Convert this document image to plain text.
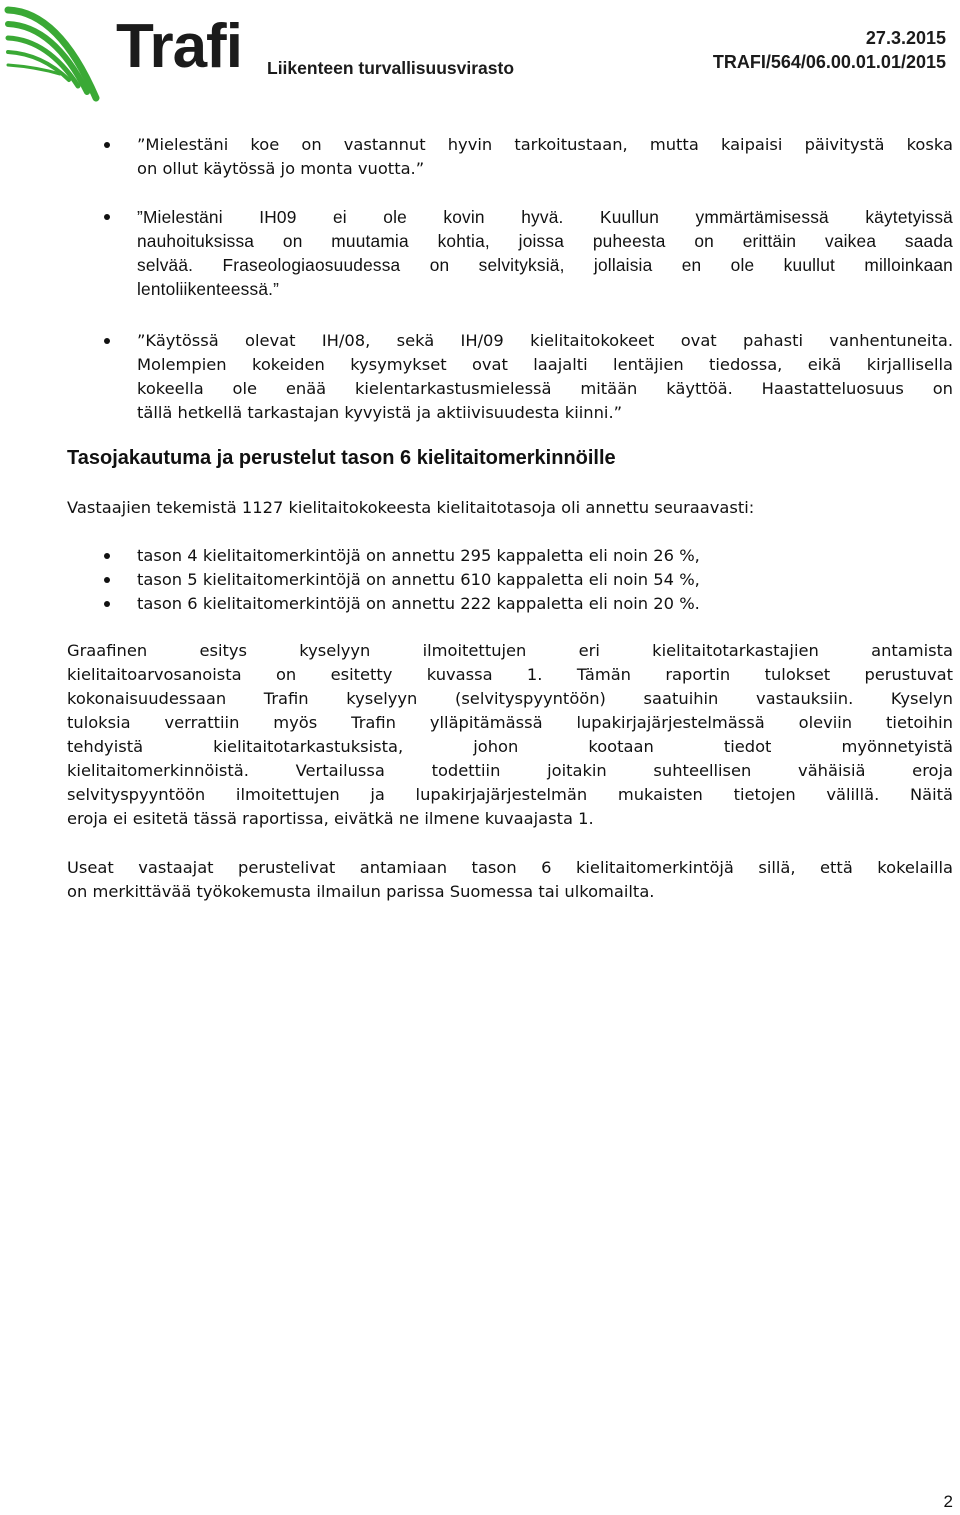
Trafi Liikenteen turvallisuusvirasto
27.3.2015
TRAFI/564/06.00.01.01/2015
”Mielestäni koe on vastannut hyvin tarkoitustaan, mutta kaipaisi päivitystä koska
on ollut käytössä jo monta vuotta.”
”Mielestäni IH09 ei ole kovin hyvä. Kuullun ymmärtämisessä käytetyissä
nauhoituksissa on muutamia kohtia, joissa puheesta on erittäin vaikea saada
selvää. Fraseologiaosuudessa on selvityksiä, jollaisia en ole kuullut milloinkaan
lentoliikenteessä.”
”Käytössä olevat IH/08, sekä IH/09 kielitaitokokeet ovat pahasti vanhentuneita.
Molempien kokeiden kysymykset ovat laajalti lentäjien tiedossa, eikä kirjallisella
kokeella ole enää kielentarkastusmielessä mitään käyttöä. Haastatteluosuus on
tällä hetkellä tarkastajan kyvyistä ja aktiivisuudesta kiinni.”
Tasojakautuma ja perustelut tason 6 kielitaitomerkinnöille

Vastaajien tekemistä 1127 kielitaitokokeesta kielitaitotasoja oli annettu seuraavasti:

tason 4 kielitaitomerkintöjä on annettu 295 kappaletta eli noin 26 %,
tason 5 kielitaitomerkintöjä on annettu 610 kappaletta eli noin 54 %,
tason 6 kielitaitomerkintöjä on annettu 222 kappaletta eli noin 20 %.
Graafinen esitys kyselyyn ilmoitettujen eri kielitaitotarkastajien antamista
kielitaitoarvosanoista on esitetty kuvassa 1. Tämän raportin tulokset perustuvat
kokonaisuudessaan Trafin kyselyyn (selvityspyyntöön) saatuihin vastauksiin. Kyselyn
tuloksia verrattiin myös Trafin ylläpitämässä lupakirjajärjestelmässä oleviin tietoihin
tehdyistä kielitaitotarkastuksista, johon kootaan tiedot myönnetyistä
kielitaitomerkinnöistä. Vertailussa todettiin joitakin suhteellisen vähäisiä eroja
selvityspyyntöön ilmoitettujen ja lupakirjajärjestelmän mukaisten tietojen välillä. Näitä
eroja ei esitetä tässä raportissa, eivätkä ne ilmene kuvaajasta 1.
Useat vastaajat perustelivat antamiaan tason 6 kielitaitomerkintöjä sillä, että kokelailla
on merkittävää työkokemusta ilmailun parissa Suomessa tai ulkomailta.
2
